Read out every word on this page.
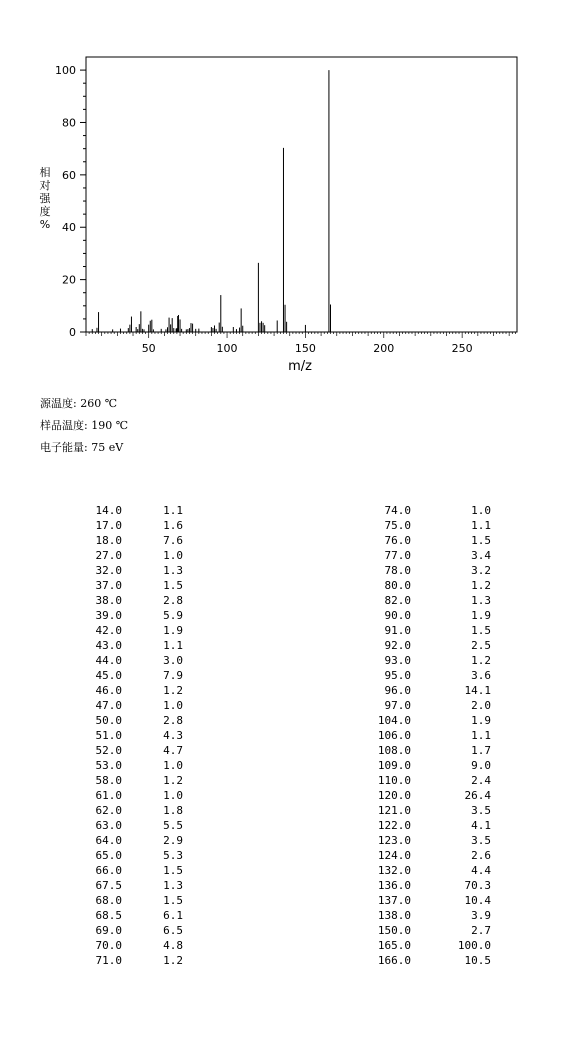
0
20
40
60
80
100
50	100	150	200	250
m/z
相
对
强
度
%
源温度: 260 ℃
样品温度: 190 ℃
电子能量: 75 eV
14.0	1.1
17.0	1.6
18.0	7.6
27.0	1.0
32.0	1.3
37.0	1.5
38.0	2.8
39.0	5.9
42.0	1.9
43.0	1.1
44.0	3.0
45.0	7.9
46.0	1.2
47.0	1.0
50.0	2.8
51.0	4.3
52.0	4.7
53.0	1.0
58.0	1.2
61.0	1.0
62.0	1.8
63.0	5.5
64.0	2.9
65.0	5.3
66.0	1.5
67.5	1.3
68.0	1.5
68.5	6.1
69.0	6.5
70.0	4.8
71.0	1.2
74.0	1.0
75.0	1.1
76.0	1.5
77.0	3.4
78.0	3.2
80.0	1.2
82.0	1.3
90.0	1.9
91.0	1.5
92.0	2.5
93.0	1.2
95.0	3.6
96.0	14.1
97.0	2.0
104.0	1.9
106.0	1.1
108.0	1.7
109.0	9.0
110.0	2.4
120.0	26.4
121.0	3.5
122.0	4.1
123.0	3.5
124.0	2.6
132.0	4.4
136.0	70.3
137.0	10.4
138.0	3.9
150.0	2.7
165.0	100.0
166.0	10.5
